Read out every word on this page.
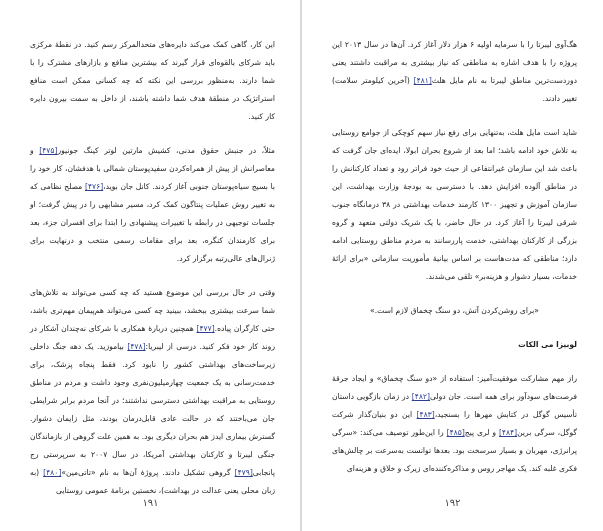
این کار، گاهی کمک می‌کند دایره‌های متحدالمرکز رسم کنید. در نقطهٔ مرکزی باید شرکای بالقوه‌ای قرار گیرند که بیشترین منافع و بازارهای مشترک را با شما دارند. به‌منظور بررسی این نکته که چه کسانی ممکن است منافع استراتژیک در منطقهٔ هدف شما داشته باشند، از داخل به سمت بیرون دایره کار کنید.

مثلاً، در جنبش حقوق مدنی، کشیش مارتین لوتر کینگ جونیور[۴۷۵] و معاصرانش از پیش از همراه‌کردن سفیدپوستان شمالی با هدفشان، کار خود را با بسیج سیاه‌پوستان جنوبی آغاز کردند. کانل جان بوید،[۴۷۶] مصلح نظامی که به تغییر روش عملیات پنتاگون کمک کرد، مسیر مشابهی را در پیش گرفت؛ او جلسات توجیهی در رابطه با تغییرات پیشنهادی را ابتدا برای افسران جزء، بعد برای کارمندان کنگره، بعد برای مقامات رسمی منتخب و درنهایت برای ژنرال‌های عالی‌رتبه برگزار کرد.

وقتی در حال بررسی این موضوع هستید که چه کسی می‌تواند به تلاش‌های شما سرعت بیشتری ببخشد، ببینید چه کسی می‌تواند هم‌پیمان مهم‌تری باشد، حتی کارگران پیاده.[۴۷۷] همچنین دربارهٔ همکاری با شرکای نه‌چندان آشکار در روند کار خود فکر کنید. درسی از لیبریا:[۴۷۸] بیاموزید. یک دهه جنگ داخلی زیرساخت‌های بهداشتی کشور را نابود کرد. فقط پنجاه پزشک، برای خدمت‌رسانی به یک جمعیت چهارمیلیون‌نفری وجود داشت و مردم در مناطق روستایی به مراقبت بهداشتی دسترسی نداشتند؛ در آنجا مردم برابر شرایطی جان می‌باختند که در حالت عادی قابل‌درمان بودند، مثل زایمان دشوار. گسترش بیماری ایدز هم بحران دیگری بود. به همین علت گروهی از بازماندگان جنگی لیبرتا و کارکنان بهداشتی آمریکا، در سال ۲۰۰۷ به سرپرستی رج پانجابی[۴۷۹] گروهی تشکیل دادند. پروژهٔ آن‌ها به نام «تاتی‌مین»[۴۸۰] (به زبان محلی یعنی عدالت در بهداشت)، نخستین برنامهٔ عمومی روستایی

۱۹۱

هگ‌آوی لیبرتا را با سرمایه اولیه ۶ هزار دلار آغاز کرد. آن‌ها در سال ۲۰۱۳ این پروژه را با هدف اشاره به مناطقی که نیاز بیشتری به مراقبت داشتند یعنی دوردست‌ترین مناطق لیبرتا به نام مایل هلث[۴۸۱] (آخرین کیلومتر سلامت) تغییر دادند.

شاید است مایل هلث، به‌تنهایی برای رفع نیاز سهم کوچکی از جوامع روستایی به تلاش خود ادامه باشد؛ اما بعد از شروع بحران ابولا، ایده‌ای جان گرفت که باعث شد این سازمان غیرانتفاعی از حیث خود فراتر رود و تعداد کارکنانش را در مناطق آلوده افزایش دهد. با دسترسی به بودجهٔ وزارت بهداشت، این سازمان آموزش و تجهیز ۱۳۰۰ کارمند خدمات بهداشتی در ۳۸ درمانگاه جنوب شرقی لیبرتا را آغاز کرد. در حال حاضر، با یک شریک دولتی متعهد و گروه بزرگی از کارکنان بهداشتی، خدمت پاررسانند به مردم مناطق روستایی ادامه دارد؛ مناطقی که مدت‌هاست بر اساس بیانیهٔ مأموریت سازمانی «برای ارائهٔ خدمات، بسیار دشوار و هزینه‌بر» تلقی می‌شدند.

«برای روشن‌کردن آتش، دو سنگ چخماق لازم است.»

لوبیزا می الکات

راز مهم مشارکت موفقیت‌آمیز: استفاده از «دو سنگ چخماق» و ایجاد جرقهٔ فرصت‌های سودآور برای همه است. جان دولی[۴۸۲] در زمان بازگویی داستان تأسیس گوگل در کتابش مهرها را بسنجید،[۴۸۳] این دو بنیان‌گذار شرکت گوگل، سرگی برین[۴۸۴] و لری پیج[۴۸۵] را این‌طور توصیف می‌کند: «سرگی پرانرژی، مهربان و بسیار سرسخت بود. بعدها توانست به‌سرعت بر چالش‌های فکری غلبه کند. یک مهاجر روس و مذاکره‌کننده‌ای زیرک و خلاق و هزینه‌ای

۱۹۲
